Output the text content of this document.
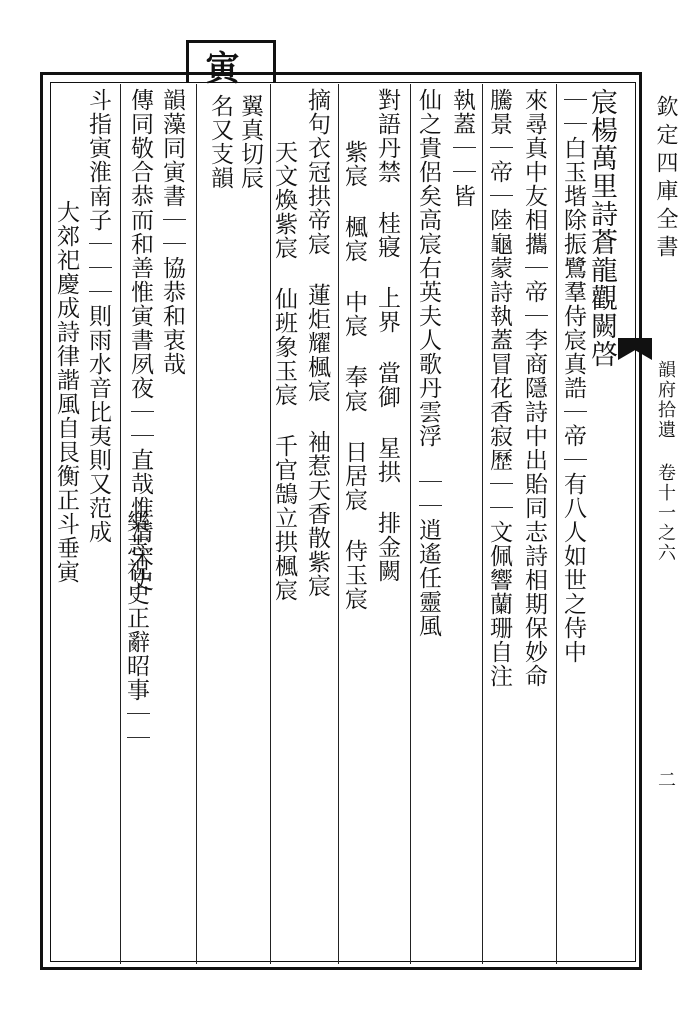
欽定四庫全書
韻府拾遺 卷十一之六
二
寅
翼真切辰
名又支韻	宸楊萬里詩蒼龍觀闕啓
｜｜白玉堦除振鷺羣侍宸真誥｜帝｜有八人如世之侍中
來尋真中友相攜｜帝｜李商隱詩中出貽同志詩相期保妙命
騰景｜帝｜陸龜蒙詩執蓋冒花香寂歷｜｜文佩響蘭珊自注
執蓋｜｜皆
仙之貴侶矣高宸右英夫人歌丹雲浮
｜｜逍遙任靈風
對語丹禁 桂寢 上界 當御 星拱 排金闕
紫宸 楓宸 中宸 奉宸 日居宸 侍玉宸
摘句衣冠拱帝宸 蓮炬耀楓宸 袖惹天香散紫宸
天文煥紫宸 仙班象玉宸 千官鵠立拱楓宸
韻藻同寅書｜｜協恭和衷哉
傳同敬合恭而和善惟寅書夙夜｜｜直哉惟清宋史
樂志祝史正辭昭事｜｜
斗指寅淮南子｜｜｜則雨水音比夷則又范成
大郊祀慶成詩律諧風自艮衡正斗垂寅
